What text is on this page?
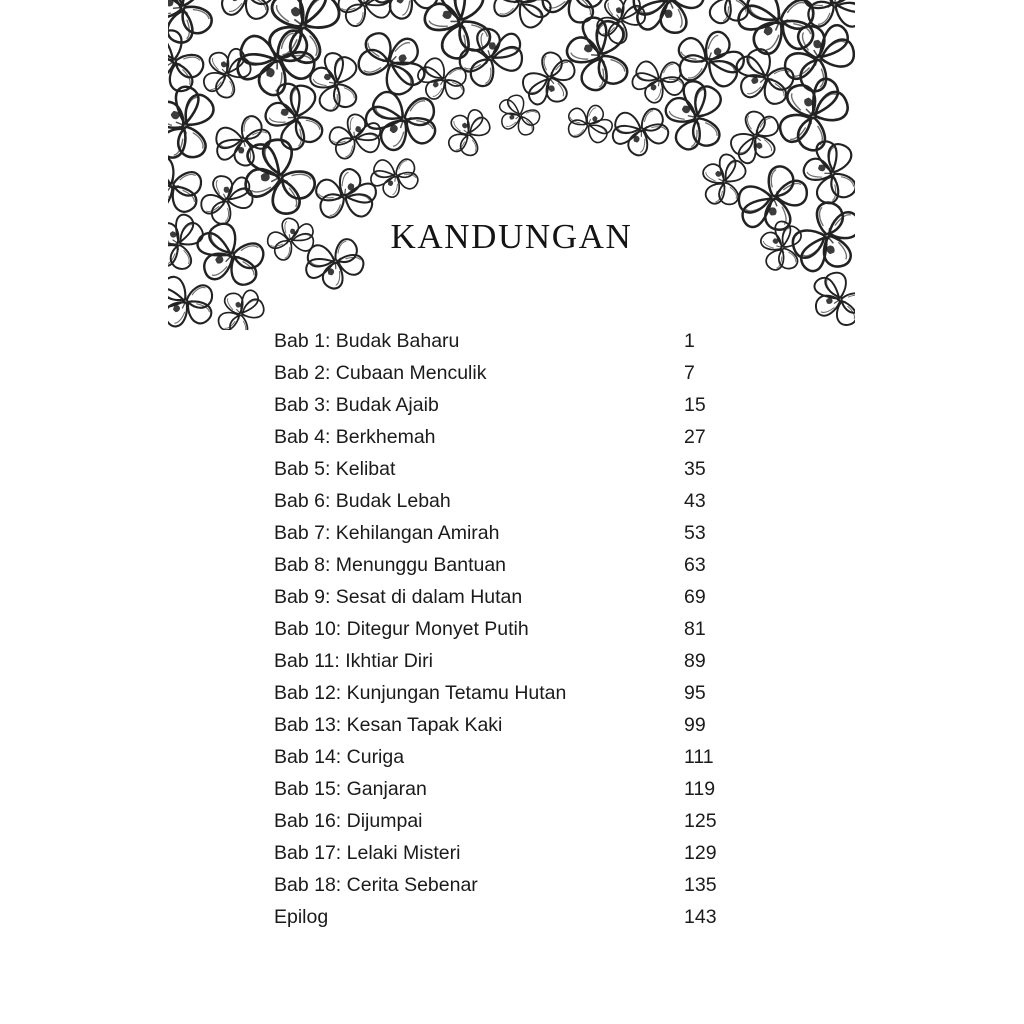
KANDUNGAN
Bab 1: Budak Baharu	1
Bab 2: Cubaan Menculik	7
Bab 3: Budak Ajaib	15
Bab 4: Berkhemah	27
Bab 5: Kelibat	35
Bab 6: Budak Lebah	43
Bab 7: Kehilangan Amirah	53
Bab 8: Menunggu Bantuan	63
Bab 9: Sesat di dalam Hutan	69
Bab 10: Ditegur Monyet Putih	81
Bab 11: Ikhtiar Diri	89
Bab 12: Kunjungan Tetamu Hutan	95
Bab 13: Kesan Tapak Kaki	99
Bab 14: Curiga	111
Bab 15: Ganjaran	119
Bab 16: Dijumpai	125
Bab 17: Lelaki Misteri	129
Bab 18: Cerita Sebenar	135
Epilog	143
